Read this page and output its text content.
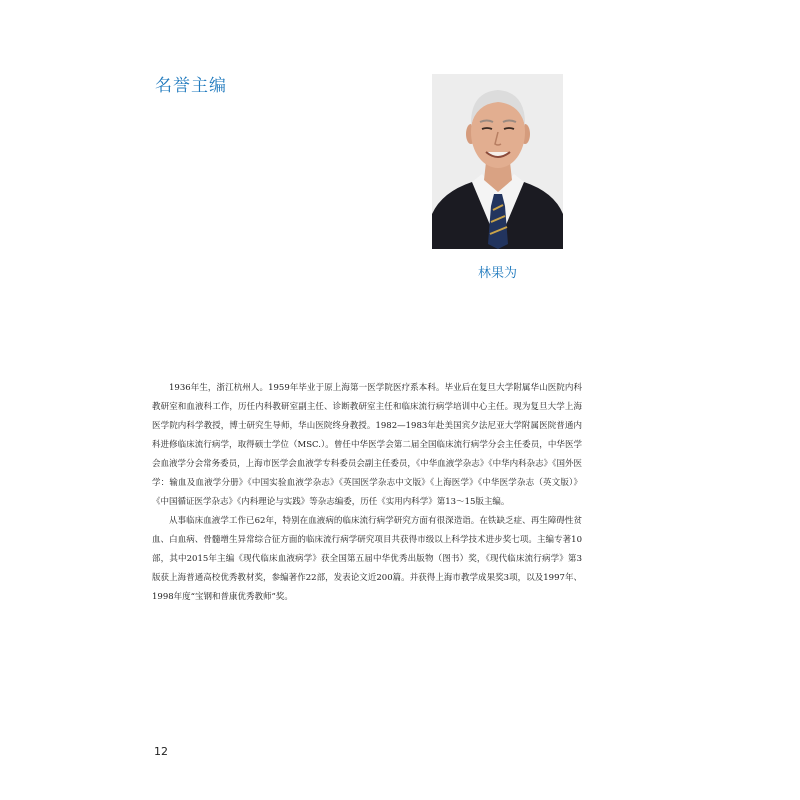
名誉主编
林果为

1936年生，浙江杭州人。1959年毕业于原上海第一医学院医疗系本科。毕业后在复旦大学附属华山医院内科教研室和血液科工作，历任内科教研室副主任、诊断教研室主任和临床流行病学培训中心主任。现为复旦大学上海医学院内科学教授，博士研究生导师，华山医院终身教授。1982—1983年赴美国宾夕法尼亚大学附属医院普通内科进修临床流行病学，取得硕士学位（MSC.）。曾任中华医学会第二届全国临床流行病学分会主任委员，中华医学会血液学分会常务委员，上海市医学会血液学专科委员会副主任委员，《中华血液学杂志》《中华内科杂志》《国外医学：输血及血液学分册》《中国实验血液学杂志》《英国医学杂志中文版》《上海医学》《中华医学杂志（英文版）》《中国循证医学杂志》《内科理论与实践》等杂志编委，历任《实用内科学》第13～15版主编。

从事临床血液学工作已62年，特别在血液病的临床流行病学研究方面有很深造诣。在铁缺乏症、再生障碍性贫血、白血病、骨髓增生异常综合征方面的临床流行病学研究项目共获得市级以上科学技术进步奖七项。主编专著10部，其中2015年主编《现代临床血液病学》获全国第五届中华优秀出版物（图书）奖，《现代临床流行病学》第3版获上海普通高校优秀教材奖，参编著作22部，发表论文近200篇。并获得上海市教学成果奖3项，以及1997年、1998年度“宝钢和普康优秀教师”奖。

12
